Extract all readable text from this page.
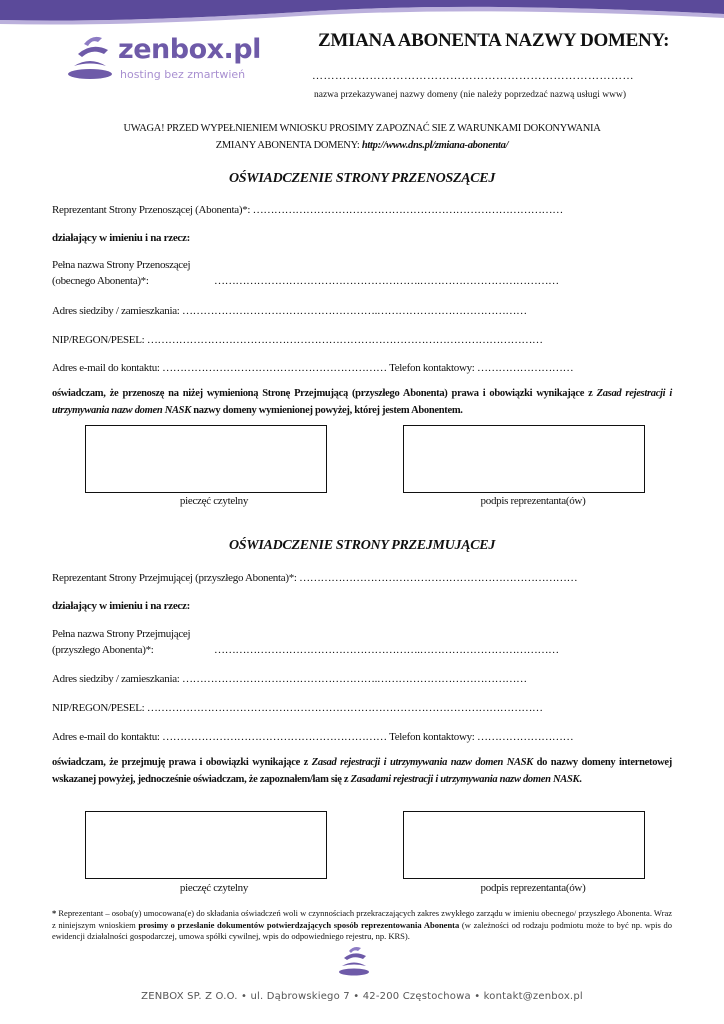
zenbox.pl
hosting bez zmartwień
ZMIANA ABONENTA NAZWY DOMENY:
…………………………………………………………………………
nazwa przekazywanej nazwy domeny (nie należy poprzedzać nazwą usługi www)
UWAGA! PRZED WYPEŁNIENIEM WNIOSKU PROSIMY ZAPOZNAĆ SIE Z WARUNKAMI DOKONYWANIA
ZMIANY ABONENTA DOMENY: http://www.dns.pl/zmiana-abonenta/
OŚWIADCZENIE STRONY PRZENOSZĄCEJ
Reprezentant Strony Przenoszącej (Abonenta)*: ……………………………………………………………………………
działający w imieniu i na rzecz:
Pełna nazwa Strony Przenoszącej
(obecnego Abonenta)*:	………………………………………………….…………………………………
Adres siedziby / zamieszkania: ……………………………………………….……………………………………
NIP/REGON/PESEL: …………………………………………………………………………………………………
Adres e-mail do kontaktu: ……………………………………………………… Telefon kontaktowy: ………………………
oświadczam, że przenoszę na niżej wymienioną Stronę Przejmującą (przyszłego Abonenta) prawa i obowiązki wynikające z Zasad rejestracji i utrzymywania nazw domen NASK nazwy domeny wymienionej powyżej, której jestem Abonentem.
pieczęć czytelny	podpis reprezentanta(ów)
OŚWIADCZENIE STRONY PRZEJMUJĄCEJ
Reprezentant Strony Przejmującej (przyszłego Abonenta)*: ……………………………………………………………………
działający w imieniu i na rzecz:
Pełna nazwa Strony Przejmującej
(przyszłego Abonenta)*:	………………………………………………….…………………………………
Adres siedziby / zamieszkania: ……………………………………………….……………………………………
NIP/REGON/PESEL: …………………………………………………………………………………………………
Adres e-mail do kontaktu: ……………………………………………………… Telefon kontaktowy: ………………………
oświadczam, że przejmuję prawa i obowiązki wynikające z Zasad rejestracji i utrzymywania nazw domen NASK do nazwy domeny internetowej wskazanej powyżej, jednocześnie oświadczam, że zapoznałem/łam się z Zasadami rejestracji i utrzymywania nazw domen NASK.
pieczęć czytelny	podpis reprezentanta(ów)
* Reprezentant – osoba(y) umocowana(e) do składania oświadczeń woli w czynnościach przekraczających zakres zwykłego zarządu w imieniu obecnego/ przyszłego Abonenta. Wraz z niniejszym wnioskiem prosimy o przesłanie dokumentów potwierdzających sposób reprezentowania Abonenta (w zależności od rodzaju podmiotu może to być np. wpis do ewidencji działalności gospodarczej, umowa spółki cywilnej, wpis do odpowiedniego rejestru, np. KRS).
ZENBOX SP. Z O.O. • ul. Dąbrowskiego 7 • 42-200 Częstochowa • kontakt@zenbox.pl
